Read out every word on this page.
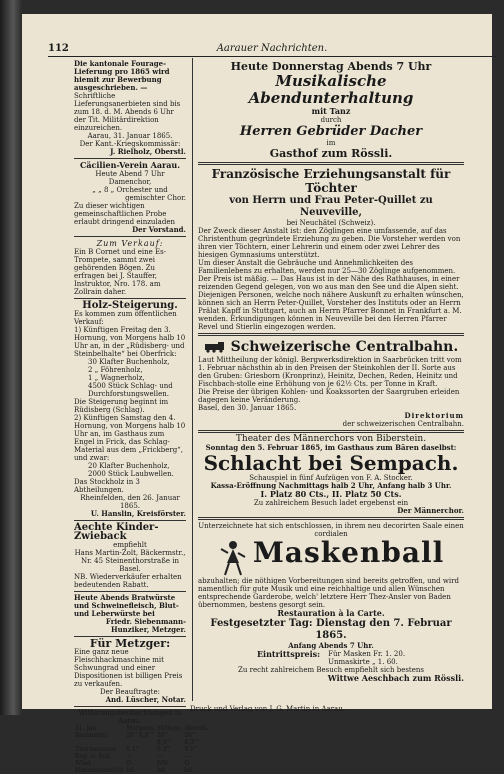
112	Aarauer Nachrichten.
Die kantonale Fourage-Lieferung pro 1865 wird hiemit zur Bewerbung ausgeschrieben. —
Schriftliche Lieferungsanerbieten sind bis zum 18. d. M. Abends 6 Uhr der Tit. Militärdirektion einzureichen.
Aarau, 31. Januar 1865.
Der Kant.-Kriegskommissär:
J. Rielholz, Oberstl.
Cäcilien-Verein Aarau.
Heute Abend 7 Uhr Damenchor,
„ „ 8 „ Orchester und
gemischter Chor.
Zu dieser wichtigen gemeinschaftlichen Probe erlaubt dringend einzuladen
Der Vorstand.
Zum Verkauf:
Ein B Cornet und eine Es-Trompete, sammt zwei gehörenden Bögen. Zu erfragen bei J. Stauffer, Instruktor, Nro. 178. am Zollrain daher.
Holz-Steigerung.
Es kommen zum öffentlichen Verkauf:
1) Künftigen Freitag den 3. Hornung, von Morgens halb 10 Uhr an, in der „Rüdisberg- und Steinbelhalte“ bei Oberfrick:
30 Klafter Buchenholz,
2 „ Föhrenholz,
1 „ Wagnerholz,
4500 Stück Schlag- und Durchforstungswellen.
Die Steigerung beginnt im Rüdisberg (Schlag).
2) Künftigen Samstag den 4. Hornung, von Morgens halb 10 Uhr an, im Gasthaus zum Engel in Frick, das Schlag-Material aus dem „Frickberg“, und zwar:
20 Klafter Buchenholz,
2000 Stück Laubwellen.
Das Stockholz in 3 Abtheilungen.
Rheinfelden, den 26. Januar 1865.
U. Hanslin, Kreisförster.
Aechte Kinder-Zwieback
empfiehlt
Hans Martin-Zolt, Bäckermstr., Nr. 45 Steinenthorstraße in Basel.
NB. Wiederverkäufer erhalten bedeutenden Rabatt.
Heute Abends Bratwürste und Schweinefleisch, Blut- und Leberwürste bei
Friedr. Siebenmann-Hunziker, Metzger.
Für Metzger:
Eine ganz neue Fleischhackmaschine mit Schwungrad und einer Dispositionen ist billigen Preis zu verkaufen.
Der Beauftragte:
And. Lüscher, Notar.
Witterungsbeobachtungen in Aarau.
31. Jan.	Morgens.	Mittags.	Abends.
Barometer	26'' 8,8'''	26'' 8,4'''	26'' 8,3'''
Thermometer	0 1°	0 3°	0 1°
Reg. u. Sch.	—	—	—
Wind	O	NW	O
Himmelsansicht	bd.	bd.	bd.
Heute Donnerstag Abends 7 Uhr
Musikalische Abendunterhaltung
mit Tanz
durch
Herren Gebrüder Dacher
im
Gasthof zum Rössli.
Französische Erziehungsanstalt für Töchter
von Herrn und Frau Peter-Quillet zu Neuveville,
bei Neuchâtel (Schweiz).
Der Zweck dieser Anstalt ist: den Zöglingen eine umfassende, auf das Christenthum gegründete Erziehung zu geben. Die Vorsteher werden von ihren vier Töchtern, einer Lehrerin und einem oder zwei Lehrer des hiesigen Gymnasiums unterstützt.
Um dieser Anstalt die Gebräuche und Annehmlichkeiten des Familienlebens zu erhalten, werden nur 25—30 Zöglinge aufgenommen. Der Preis ist mäßig. — Das Haus ist in der Nähe des Rathhauses, in einer reizenden Gegend gelegen, von wo aus man den See und die Alpen sieht.
Diejenigen Personen, welche noch nähere Auskunft zu erhalten wünschen, können sich an Herrn Peter-Quillet, Vorsteher des Instituts oder an Herrn Prälat Kapff in Stuttgart, auch an Herrn Pfarrer Bonnet in Frankfurt a. M. wenden. Erkundigungen können in Neuveville bei den Herren Pfarrer Revel und Stierlin eingezogen werden.
Schweizerische Centralbahn.
Laut Mittheilung der königl. Bergwerksdirektion in Saarbrücken tritt vom 1. Februar nächsthin ab in den Preisen der Steinkohlen der II. Sorte aus den Gruben: Griesborn (Kronprinz), Heinitz, Dechen, Reden, Heinitz und Fischbach-stolle eine Erhöhung von je 62½ Cts. per Tonne in Kraft.
Die Preise der übrigen Kohlen- und Koakssorten der Saargruben erleiden dagegen keine Veränderung.
Basel, den 30. Januar 1865.
Direktorium
der schweizerischen Centralbahn.
Theater des Männerchors von Biberstein.
Sonntag den 5. Februar 1865, im Gasthaus zum Bären daselbst:
Schlacht bei Sempach.
Schauspiel in fünf Aufzügen von F. A. Stocker.
Kassa-Eröffnung Nachmittags halb 2 Uhr, Anfang halb 3 Uhr.
I. Platz 80 Cts., II. Platz 50 Cts.
Zu zahlreichem Besuch ladet ergebenst ein
Der Männerchor.
Unterzeichnete hat sich entschlossen, in ihrem neu decorirten Saale einen cordialen
Maskenball
abzuhalten; die nöthigen Vorbereitungen sind bereits getroffen, und wird namentlich für gute Musik und eine reichhaltige und allen Wünschen entsprechende Garderobe, welch' letztere Herr Thez-Ansler von Baden übernommen, bestens gesorgt sein.
Restauration à la Carte.
Festgesetzter Tag: Dienstag den 7. Februar 1865.
Anfang Abends 7 Uhr.
Eintrittspreis: Für Masken Fr. 1. 20.
Unmaskirte „ 1. 60.
Zu recht zahlreichem Besuch empfiehlt sich bestens
Wittwe Aeschbach zum Rössli.
Druck und Verlag von J. G. Martin in Aarau.
